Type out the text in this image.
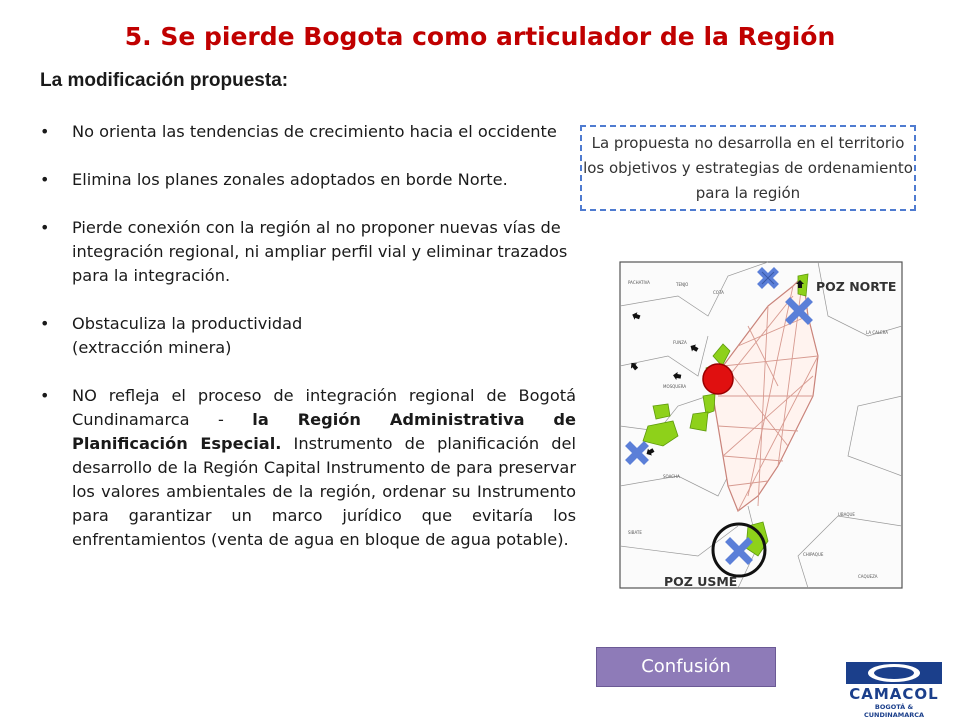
5. Se pierde Bogota como articulador de la Región
La modificación propuesta:
• No orienta las tendencias de crecimiento hacia el occidente
• Elimina los planes zonales adoptados en borde Norte.
• Pierde conexión con la región al no proponer nuevas vías de integración regional, ni ampliar perfil vial y eliminar trazados para la integración.
• Obstaculiza la productividad
(extracción minera)
• NO refleja el proceso de integración regional de Bogotá Cundinamarca - la Región Administrativa de Planificación Especial. Instrumento de planificación del desarrollo de la Región Capital Instrumento de para preservar los valores ambientales de la región, ordenar su Instrumento para garantizar un marco jurídico que evitaría los enfrentamientos (venta de agua en bloque de agua potable).
La propuesta no desarrolla en el territorio los objetivos y estrategias de ordenamiento para la región
PACHATIVA	TENJO
COTA
FUNZA
MOSQUERA
SOACHA
SIBATE
UBAQUE
CHIPAQUE
CAQUEZA
LA CALERA
POZ NORTE
POZ USME
Confusión
CAMACOL
BOGOTÁ & CUNDINAMARCA
